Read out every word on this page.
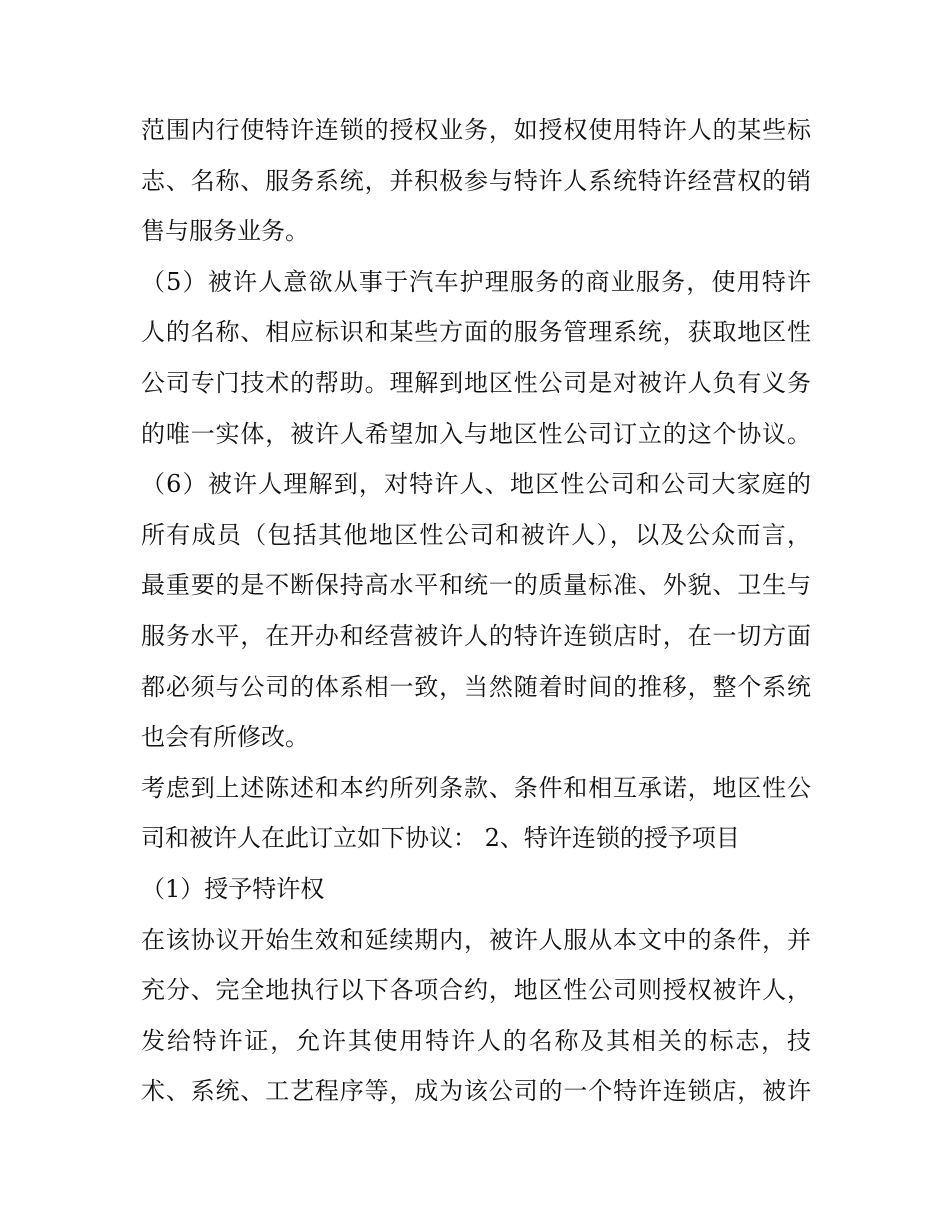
范围内行使特许连锁的授权业务，如授权使用特许人的某些标
志、名称、服务系统，并积极参与特许人系统特许经营权的销
售与服务业务。
（5）被许人意欲从事于汽车护理服务的商业服务，使用特许
人的名称、相应标识和某些方面的服务管理系统，获取地区性
公司专门技术的帮助。理解到地区性公司是对被许人负有义务
的唯一实体，被许人希望加入与地区性公司订立的这个协议。
（6）被许人理解到，对特许人、地区性公司和公司大家庭的
所有成员（包括其他地区性公司和被许人），以及公众而言，
最重要的是不断保持高水平和统一的质量标准、外貌、卫生与
服务水平，在开办和经营被许人的特许连锁店时，在一切方面
都必须与公司的体系相一致，当然随着时间的推移，整个系统
也会有所修改。
考虑到上述陈述和本约所列条款、条件和相互承诺，地区性公
司和被许人在此订立如下协议： 2、特许连锁的授予项目
（1）授予特许权
在该协议开始生效和延续期内，被许人服从本文中的条件，并
充分、完全地执行以下各项合约，地区性公司则授权被许人，
发给特许证，允许其使用特许人的名称及其相关的标志，技
术、系统、工艺程序等，成为该公司的一个特许连锁店，被许
